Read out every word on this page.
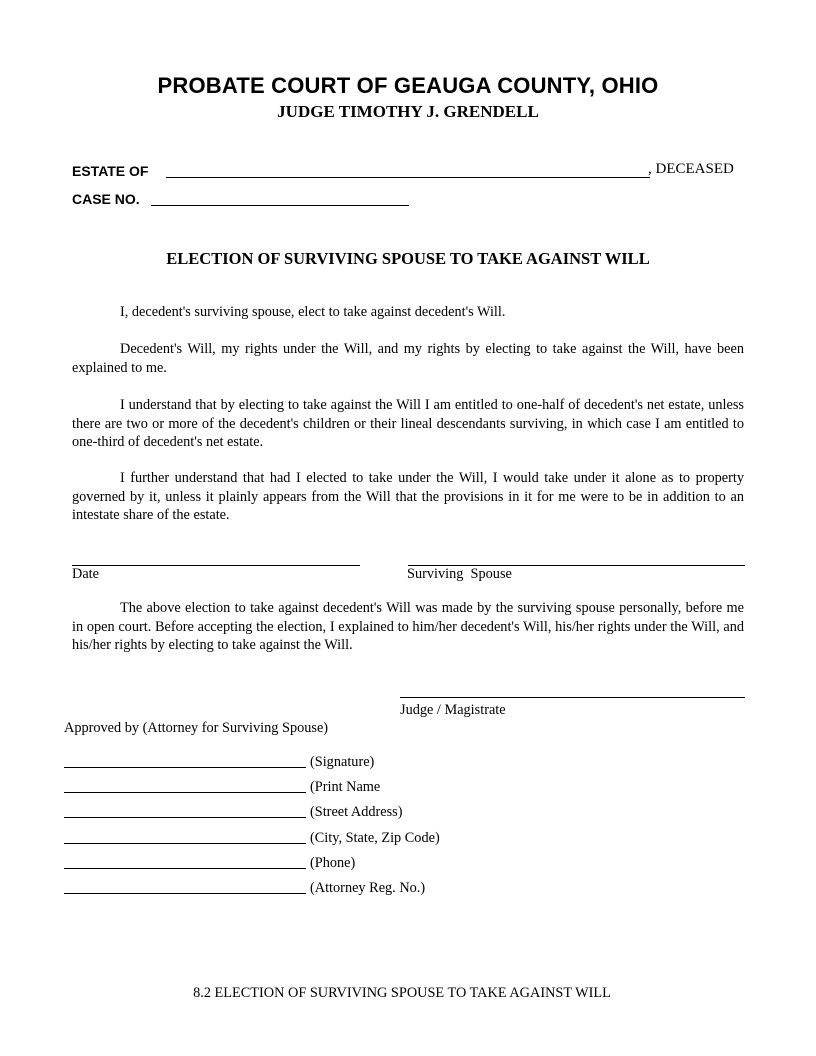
PROBATE COURT OF GEAUGA COUNTY, OHIO
JUDGE TIMOTHY J. GRENDELL
ESTATE OF	, DECEASED
CASE NO.
ELECTION OF SURVIVING SPOUSE TO TAKE AGAINST WILL
I, decedent's surviving spouse, elect to take against decedent's Will.
Decedent's Will, my rights under the Will, and my rights by electing to take against the Will, have been explained to me.
I understand that by electing to take against the Will I am entitled to one-half of decedent's net estate, unless there are two or more of the decedent's children or their lineal descendants surviving, in which case I am entitled to one-third of decedent's net estate.
I further understand that had I elected to take under the Will, I would take under it alone as to property governed by it, unless it plainly appears from the Will that the provisions in it for me were to be in addition to an intestate share of the estate.
Date	Surviving  Spouse
The above election to take against decedent's Will was made by the surviving spouse personally, before me in open court. Before accepting the election, I explained to him/her decedent's Will, his/her rights under the Will, and his/her rights by electing to take against the Will.
Judge / Magistrate
Approved by (Attorney for Surviving Spouse)
(Signature)
(Print Name
(Street Address)
(City, State, Zip Code)
(Phone)
(Attorney Reg. No.)
8.2 ELECTION OF SURVIVING SPOUSE TO TAKE AGAINST WILL
